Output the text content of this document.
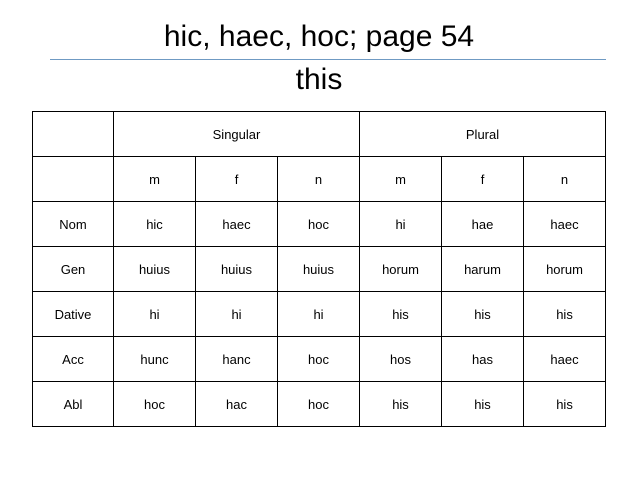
hic, haec, hoc; page 54
this
	Singular			Plural		
	m	f	n	m	f	n
Nom	hic	haec	hoc	hi	hae	haec
Gen	huius	huius	huius	horum	harum	horum
Dative	hi	hi	hi	his	his	his
Acc	hunc	hanc	hoc	hos	has	haec
Abl	hoc	hac	hoc	his	his	his
